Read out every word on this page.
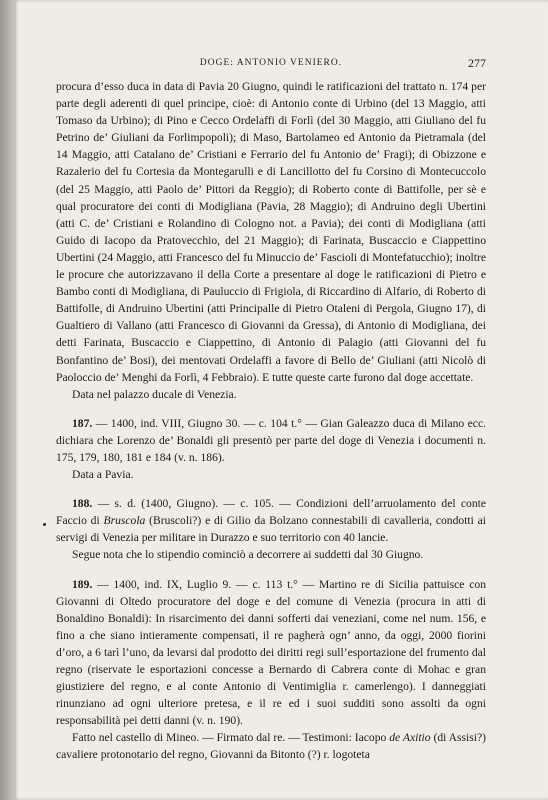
DOGE: ANTONIO VENIERO.	277

procura d’esso duca in data di Pavia 20 Giugno, quindi le ratificazioni del trattato n. 174 per parte degli aderenti di quel principe, cioè: di Antonio conte di Urbino (del 13 Maggio, atti Tomaso da Urbino); di Pino e Cecco Ordelaffi di Forlì (del 30 Maggio, atti Giuliano del fu Petrino de’ Giuliani da Forlimpopoli); di Maso, Bartolameo ed Antonio da Pietramala (del 14 Maggio, atti Catalano de’ Cristiani e Ferrario del fu Antonio de’ Fragi); di Obizzone e Razalerio del fu Cortesia da Montegarulli e di Lancillotto del fu Corsino di Montecuccolo (del 25 Maggio, atti Paolo de’ Pittori da Reggio); di Roberto conte di Battifolle, per sè e qual procuratore dei conti di Modigliana (Pavia, 28 Maggio); di Andruino degli Ubertini (atti C. de’ Cristiani e Rolandino di Cologno not. a Pavia); dei conti di Modigliana (atti Guido di Iacopo da Pratovecchio, del 21 Maggio); di Farinata, Buscaccio e Ciappettino Ubertini (24 Maggio, atti Francesco del fu Minuccio de’ Fascioli di Montefatucchio); inoltre le procure che autorizzavano il della Corte a presentare al doge le ratificazioni di Pietro e Bambo conti di Modigliana, di Pauluccio di Frigiola, di Riccardino di Alfario, di Roberto di Battifolle, di Andruino Ubertini (atti Principalle di Pietro Otaleni di Pergola, Giugno 17), di Gualtiero di Vallano (atti Francesco di Giovanni da Gressa), di Antonio di Modigliana, dei detti Farinata, Buscaccio e Ciappettino, di Antonio di Palagio (atti Giovanni del fu Bonfantino de’ Bosi), dei mentovati Ordelaffi a favore di Bello de’ Giuliani (atti Nicolò di Paoloccio de’ Menghi da Forlì, 4 Febbraio). E tutte queste carte furono dal doge accettate.

Data nel palazzo ducale di Venezia.

187. — 1400, ind. VIII, Giugno 30. — c. 104 t.° — Gian Galeazzo duca di Milano ecc. dichiara che Lorenzo de’ Bonaldi gli presentò per parte del doge di Venezia i documenti n. 175, 179, 180, 181 e 184 (v. n. 186).

Data a Pavia.

188. — s. d. (1400, Giugno). — c. 105. — Condizioni dell’arruolamento del conte Faccio di Bruscola (Bruscoli?) e di Gilio da Bolzano connestabili di cavalleria, condotti ai servigi di Venezia per militare in Durazzo e suo territorio con 40 lancie.

Segue nota che lo stipendio cominciò a decorrere ai suddetti dal 30 Giugno.

189. — 1400, ind. IX, Luglio 9. — c. 113 t.° — Martino re di Sicilia pattuisce con Giovanni di Oltedo procuratore del doge e del comune di Venezia (procura in atti di Bonaldino Bonaldi): In risarcimento dei danni sofferti dai veneziani, come nel num. 156, e fino a che siano intieramente compensati, il re pagherà ogn’ anno, da oggi, 2000 fiorini d’oro, a 6 tarì l’uno, da levarsi dal prodotto dei diritti regi sull’esportazione del frumento dal regno (riservate le esportazioni concesse a Bernardo di Cabrera conte di Mohac e gran giustiziere del regno, e al conte Antonio di Ventimiglia r. camerlengo). I danneggiati rinunziano ad ogni ulteriore pretesa, e il re ed i suoi sudditi sono assolti da ogni responsabilità pei detti danni (v. n. 190).

Fatto nel castello di Mineo. — Firmato dal re. — Testimoni: Iacopo de Axitio (di Assisi?) cavaliere protonotario del regno, Giovanni da Bitonto (?) r. logoteta
